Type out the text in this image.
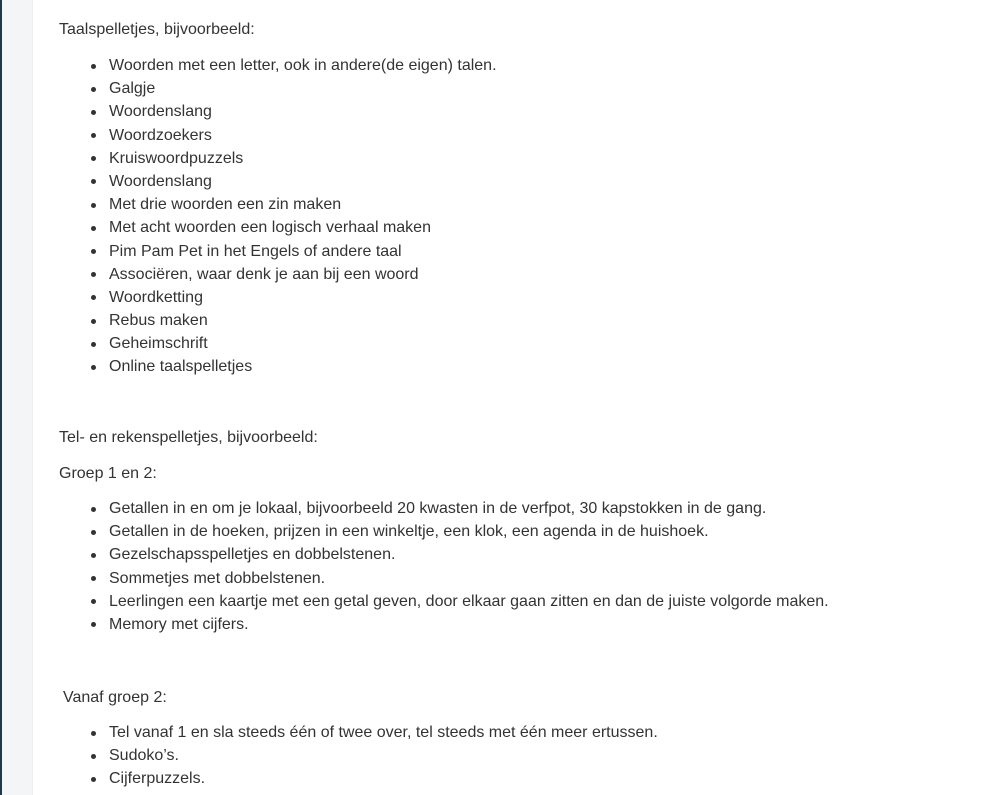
Taalspelletjes, bijvoorbeeld:

Woorden met een letter, ook in andere(de eigen) talen.
Galgje
Woordenslang
Woordzoekers
Kruiswoordpuzzels
Woordenslang
Met drie woorden een zin maken
Met acht woorden een logisch verhaal maken
Pim Pam Pet in het Engels of andere taal
Associëren, waar denk je aan bij een woord
Woordketting
Rebus maken
Geheimschrift
Online taalspelletjes

Tel- en rekenspelletjes, bijvoorbeeld:

Groep 1 en 2:

Getallen in en om je lokaal, bijvoorbeeld 20 kwasten in de verfpot, 30 kapstokken in de gang.
Getallen in de hoeken, prijzen in een winkeltje, een klok, een agenda in de huishoek.
Gezelschapsspelletjes en dobbelstenen.
Sommetjes met dobbelstenen.
Leerlingen een kaartje met een getal geven, door elkaar gaan zitten en dan de juiste volgorde maken.
Memory met cijfers.

Vanaf groep 2:

Tel vanaf 1 en sla steeds één of twee over, tel steeds met één meer ertussen.
Sudoko’s.
Cijferpuzzels.
